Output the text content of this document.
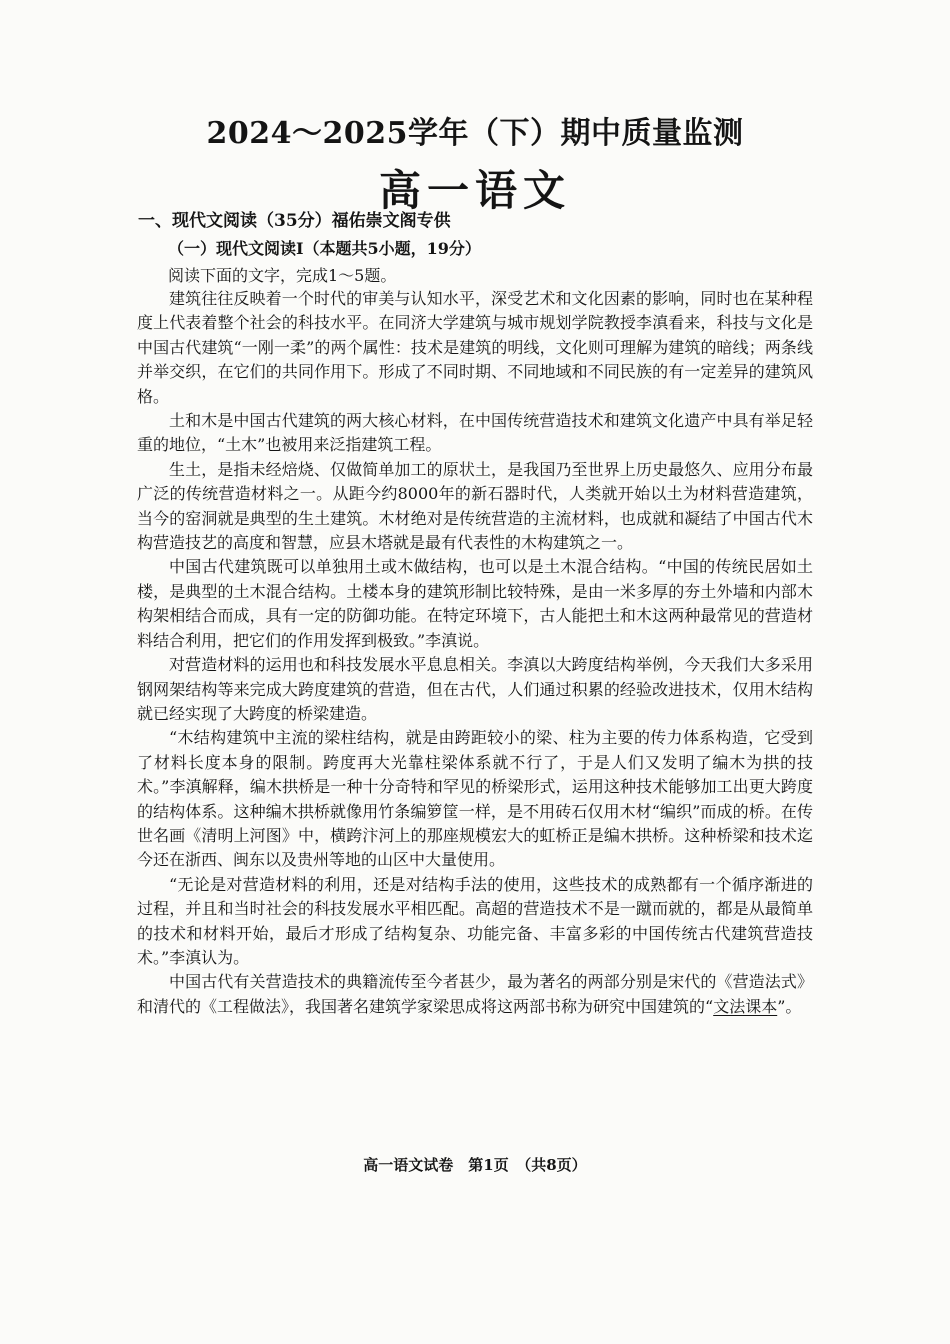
2024～2025学年（下）期中质量监测
高一语文
一、现代文阅读（35分）福佑崇文阁专供
（一）现代文阅读Ⅰ（本题共5小题，19分）
阅读下面的文字，完成1～5题。

建筑往往反映着一个时代的审美与认知水平，深受艺术和文化因素的影响，同时也在某种程度上代表着整个社会的科技水平。在同济大学建筑与城市规划学院教授李滇看来，科技与文化是中国古代建筑“一刚一柔”的两个属性：技术是建筑的明线，文化则可理解为建筑的暗线；两条线并举交织，在它们的共同作用下。形成了不同时期、不同地域和不同民族的有一定差异的建筑风格。

土和木是中国古代建筑的两大核心材料，在中国传统营造技术和建筑文化遗产中具有举足轻重的地位，“土木”也被用来泛指建筑工程。

生土，是指未经焙烧、仅做简单加工的原状土，是我国乃至世界上历史最悠久、应用分布最广泛的传统营造材料之一。从距今约8000年的新石器时代，人类就开始以土为材料营造建筑，当今的窑洞就是典型的生土建筑。木材绝对是传统营造的主流材料，也成就和凝结了中国古代木构营造技艺的高度和智慧，应县木塔就是最有代表性的木构建筑之一。

中国古代建筑既可以单独用土或木做结构，也可以是土木混合结构。“中国的传统民居如土楼，是典型的土木混合结构。土楼本身的建筑形制比较特殊，是由一米多厚的夯土外墙和内部木构架相结合而成，具有一定的防御功能。在特定环境下，古人能把土和木这两种最常见的营造材料结合利用，把它们的作用发挥到极致。”李滇说。

对营造材料的运用也和科技发展水平息息相关。李滇以大跨度结构举例，今天我们大多采用钢网架结构等来完成大跨度建筑的营造，但在古代，人们通过积累的经验改进技术，仅用木结构就已经实现了大跨度的桥梁建造。

“木结构建筑中主流的梁柱结构，就是由跨距较小的梁、柱为主要的传力体系构造，它受到了材料长度本身的限制。跨度再大光靠柱梁体系就不行了，于是人们又发明了编木为拱的技术。”李滇解释，编木拱桥是一种十分奇特和罕见的桥梁形式，运用这种技术能够加工出更大跨度的结构体系。这种编木拱桥就像用竹条编箩筐一样，是不用砖石仅用木材“编织”而成的桥。在传世名画《清明上河图》中，横跨汴河上的那座规模宏大的虹桥正是编木拱桥。这种桥梁和技术迄今还在浙西、闽东以及贵州等地的山区中大量使用。

“无论是对营造材料的利用，还是对结构手法的使用，这些技术的成熟都有一个循序渐进的过程，并且和当时社会的科技发展水平相匹配。高超的营造技术不是一蹴而就的，都是从最简单的技术和材料开始，最后才形成了结构复杂、功能完备、丰富多彩的中国传统古代建筑营造技术。”李滇认为。

中国古代有关营造技术的典籍流传至今者甚少，最为著名的两部分别是宋代的《营造法式》和清代的《工程做法》，我国著名建筑学家梁思成将这两部书称为研究中国建筑的“文法课本”。

高一语文试卷　第1页　（共8页）
